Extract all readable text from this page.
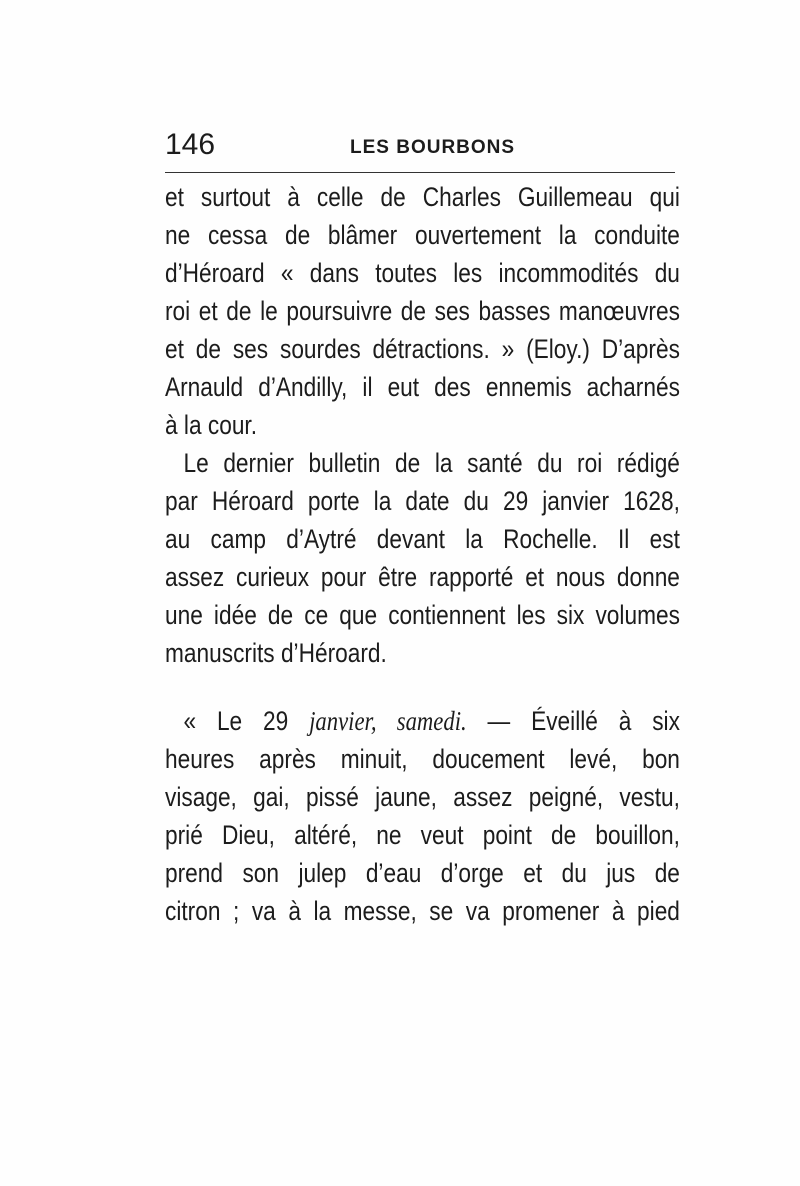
146	LES BOURBONS
et surtout à celle de Charles Guillemeau qui
ne cessa de blâmer ouvertement la conduite
d’Héroard « dans toutes les incommodités du
roi et de le poursuivre de ses basses manœuvres
et de ses sourdes détractions. » (Eloy.) D’après
Arnauld d’Andilly, il eut des ennemis acharnés
à la cour.
Le dernier bulletin de la santé du roi rédigé
par Héroard porte la date du 29 janvier 1628,
au camp d’Aytré devant la Rochelle. Il est
assez curieux pour être rapporté et nous donne
une idée de ce que contiennent les six volumes
manuscrits d’Héroard.
« Le 29 janvier, samedi. — Éveillé à six
heures après minuit, doucement levé, bon
visage, gai, pissé jaune, assez peigné, vestu,
prié Dieu, altéré, ne veut point de bouillon,
prend son julep d’eau d’orge et du jus de
citron ; va à la messe, se va promener à pied
